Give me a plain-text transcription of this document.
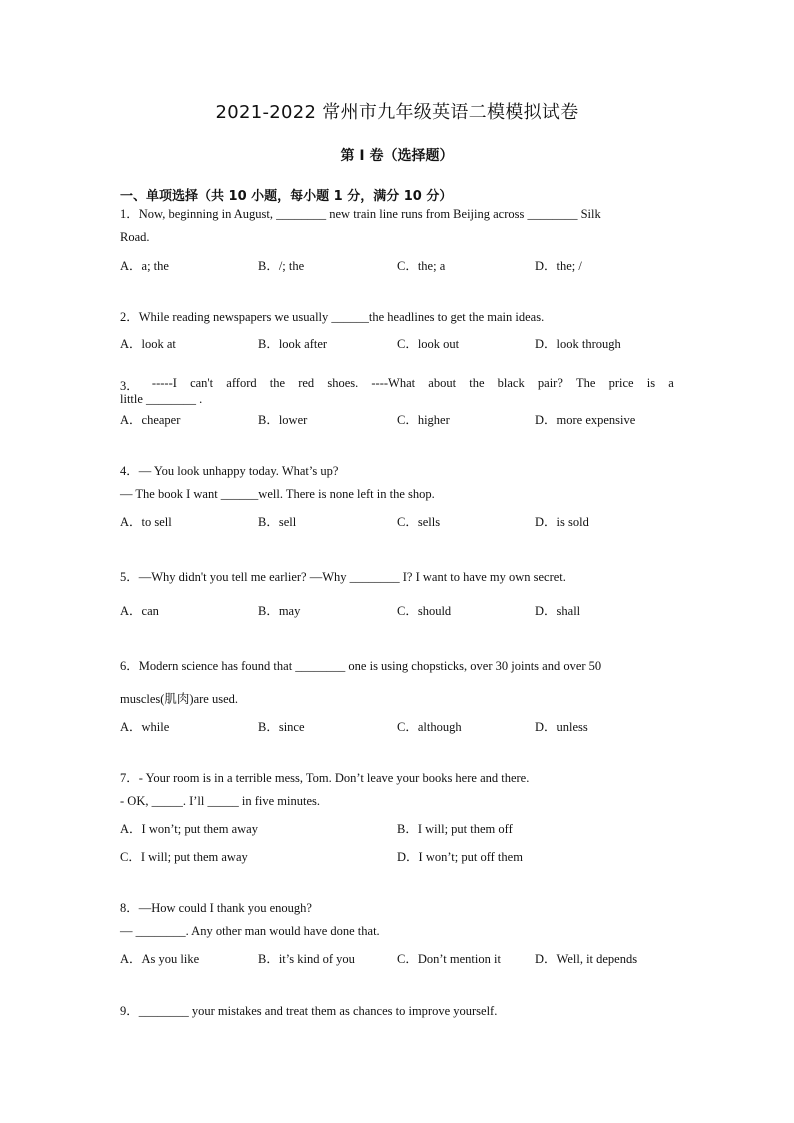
2021-2022 常州市九年级英语二模模拟试卷
第 I 卷（选择题）
一、单项选择（共 10 小题，每小题 1 分，满分 10 分）
1．Now, beginning in August, ________ new train line runs from Beijing across ________ Silk
Road.
A．a; the	B．/; the	C．the; a	D．the; /
2．While reading newspapers we usually ______the headlines to get the main ideas.
A．look at	B．look after	C．look out	D．look through
3． -----I can't afford the red shoes. ----What about the black pair? The price is a
little ________ .
A．cheaper	B．lower	C．higher	D．more expensive
4．— You look unhappy today. What’s up?
— The book I want ______well. There is none left in the shop.
A．to sell	B．sell	C．sells	D．is sold
5．—Why didn't you tell me earlier? —Why ________ I? I want to have my own secret.
A．can	B．may	C．should	D．shall
6．Modern science has found that ________ one is using chopsticks, over 30 joints and over 50
muscles(肌肉)are used.
A．while	B．since	C．although	D．unless
7．- Your room is in a terrible mess, Tom. Don’t leave your books here and there.
- OK, _____. I’ll _____ in five minutes.
A．I won’t; put them away	B．I will; put them off
C．I will; put them away	D．I won’t; put off them
8．—How could I thank you enough?
— ________. Any other man would have done that.
A．As you like	B．it’s kind of you	C．Don’t mention it	D．Well, it depends
9．________ your mistakes and treat them as chances to improve yourself.
